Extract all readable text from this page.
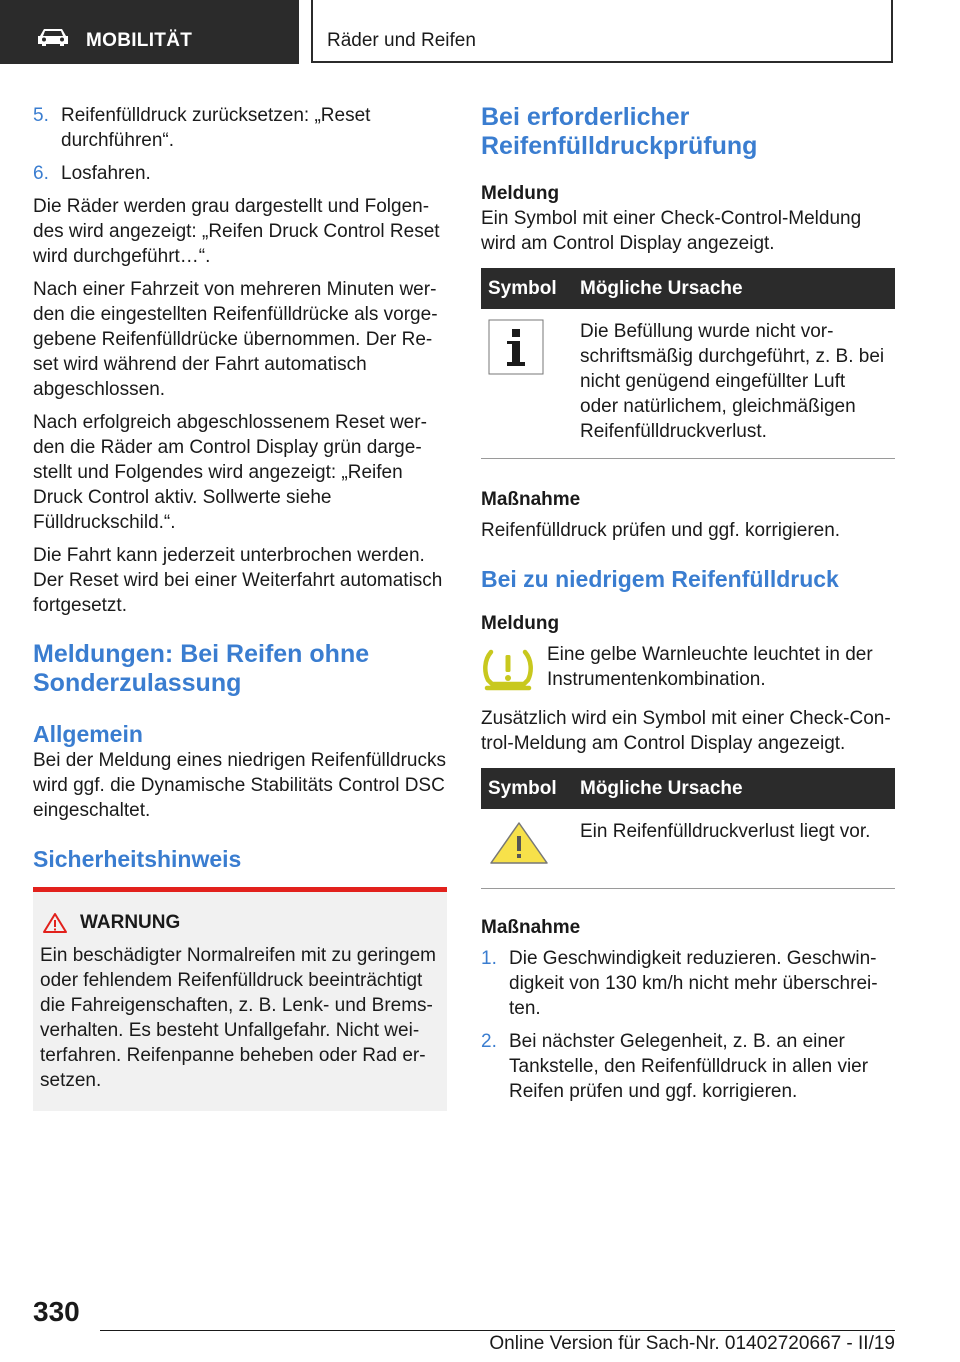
MOBILITÄT	Räder und Reifen
5. Reifenfülldruck zurücksetzen: „Reset durchführen“.
6. Losfahren.

Die Räder werden grau dargestellt und Folgendes wird angezeigt: „Reifen Druck Control Reset wird durchgeführt…“.

Nach einer Fahrzeit von mehreren Minuten werden die eingestellten Reifenfülldrücke als vorgegebene Reifenfülldrücke übernommen. Der Reset wird während der Fahrt automatisch abgeschlossen.

Nach erfolgreich abgeschlossenem Reset werden die Räder am Control Display grün dargestellt und Folgendes wird angezeigt: „Reifen Druck Control aktiv. Sollwerte siehe Fülldruckschild.“.

Die Fahrt kann jederzeit unterbrochen werden. Der Reset wird bei einer Weiterfahrt automatisch fortgesetzt.

Meldungen: Bei Reifen ohne Sonderzulassung
Allgemein

Bei der Meldung eines niedrigen Reifenfülldrucks wird ggf. die Dynamische Stabilitäts Control DSC eingeschaltet.

Sicherheitshinweis
WARNUNG
Ein beschädigter Normalreifen mit zu geringem oder fehlendem Reifenfülldruck beeinträchtigt die Fahreigenschaften, z. B. Lenk- und Bremsverhalten. Es besteht Unfallgefahr. Nicht weiterfahren. Reifenpanne beheben oder Rad ersetzen.
Bei erforderlicher Reifenfülldruckprüfung
Meldung

Ein Symbol mit einer Check-Control-Meldung wird am Control Display angezeigt.

Symbol	Mögliche Ursache
	Die Befüllung wurde nicht vorschriftsmäßig durchgeführt, z. B. bei nicht genügend eingefüllter Luft oder natürlichem, gleichmäßigen Reifenfülldruckverlust.
Maßnahme

Reifenfülldruck prüfen und ggf. korrigieren.

Bei zu niedrigem Reifenfülldruck
Meldung
Eine gelbe Warnleuchte leuchtet in der Instrumentenkombination.

Zusätzlich wird ein Symbol mit einer Check-Control-Meldung am Control Display angezeigt.

Symbol	Mögliche Ursache
	Ein Reifenfülldruckverlust liegt vor.
Maßnahme
1. Die Geschwindigkeit reduzieren. Geschwindigkeit von 130 km/h nicht mehr überschreiten.
2. Bei nächster Gelegenheit, z. B. an einer Tankstelle, den Reifenfülldruck in allen vier Reifen prüfen und ggf. korrigieren.
330
Online Version für Sach-Nr. 01402720667 - II/19
